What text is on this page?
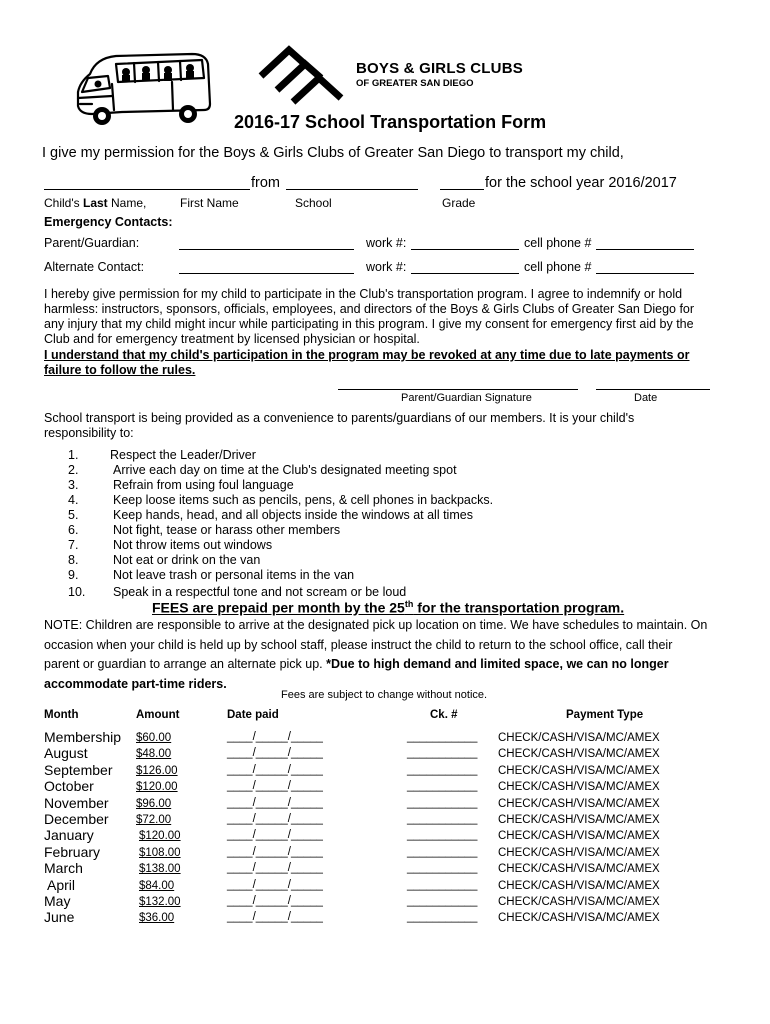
BOYS & GIRLS CLUBS
OF GREATER SAN DIEGO
2016-17 School Transportation Form
I give my permission for the Boys & Girls Clubs of Greater San Diego to transport my child,
from	for the school year 2016/2017
Child's Last Name,	First Name	School	Grade
Emergency Contacts:
Parent/Guardian:	work #:	cell phone #
Alternate Contact:	work #:	cell phone #
I hereby give permission for my child to participate in the Club's transportation program. I agree to indemnify or hold harmless: instructors, sponsors, officials, employees, and directors of the Boys & Girls Clubs of Greater San Diego for any injury that my child might incur while participating in this program. I give my consent for emergency first aid by the Club and for emergency treatment by licensed physician or hospital.
I understand that my child's participation in the program may be revoked at any time due to late payments or failure to follow the rules.
Parent/Guardian Signature	Date
School transport is being provided as a convenience to parents/guardians of our members. It is your child's responsibility to:
1.	Respect the Leader/Driver
2.	Arrive each day on time at the Club's designated meeting spot
3.	Refrain from using foul language
4.	Keep loose items such as pencils, pens, & cell phones in backpacks.
5.	Keep hands, head, and all objects inside the windows at all times
6.	Not fight, tease or harass other members
7.	Not throw items out windows
8.	Not eat or drink on the van
9.	Not leave trash or personal items in the van
10. Speak in a respectful tone and not scream or be loud
FEES are prepaid per month by the 25th for the transportation program.
NOTE: Children are responsible to arrive at the designated pick up location on time. We have schedules to maintain. On occasion when your child is held up by school staff, please instruct the child to return to the school office, call their parent or guardian to arrange an alternate pick up. *Due to high demand and limited space, we can no longer accommodate part-time riders.
Fees are subject to change without notice.
Month	Amount	Date paid	Ck. #	Payment Type
Membership $60.00	____/_____/_____	___________ CHECK/CASH/VISA/MC/AMEX
August	$48.00	____/_____/_____	___________ CHECK/CASH/VISA/MC/AMEX
September $126.00	____/_____/_____	___________ CHECK/CASH/VISA/MC/AMEX
October	$120.00	____/_____/_____	___________ CHECK/CASH/VISA/MC/AMEX
November $96.00	____/_____/_____	___________ CHECK/CASH/VISA/MC/AMEX
December $72.00	____/_____/_____	___________ CHECK/CASH/VISA/MC/AMEX
January	$120.00	____/_____/_____	___________ CHECK/CASH/VISA/MC/AMEX
February	$108.00	____/_____/_____	___________ CHECK/CASH/VISA/MC/AMEX
March	$138.00	____/_____/_____	___________ CHECK/CASH/VISA/MC/AMEX
April	$84.00	____/_____/_____	___________ CHECK/CASH/VISA/MC/AMEX
May	$132.00	____/_____/_____	___________ CHECK/CASH/VISA/MC/AMEX
June	$36.00	____/_____/_____	___________ CHECK/CASH/VISA/MC/AMEX
